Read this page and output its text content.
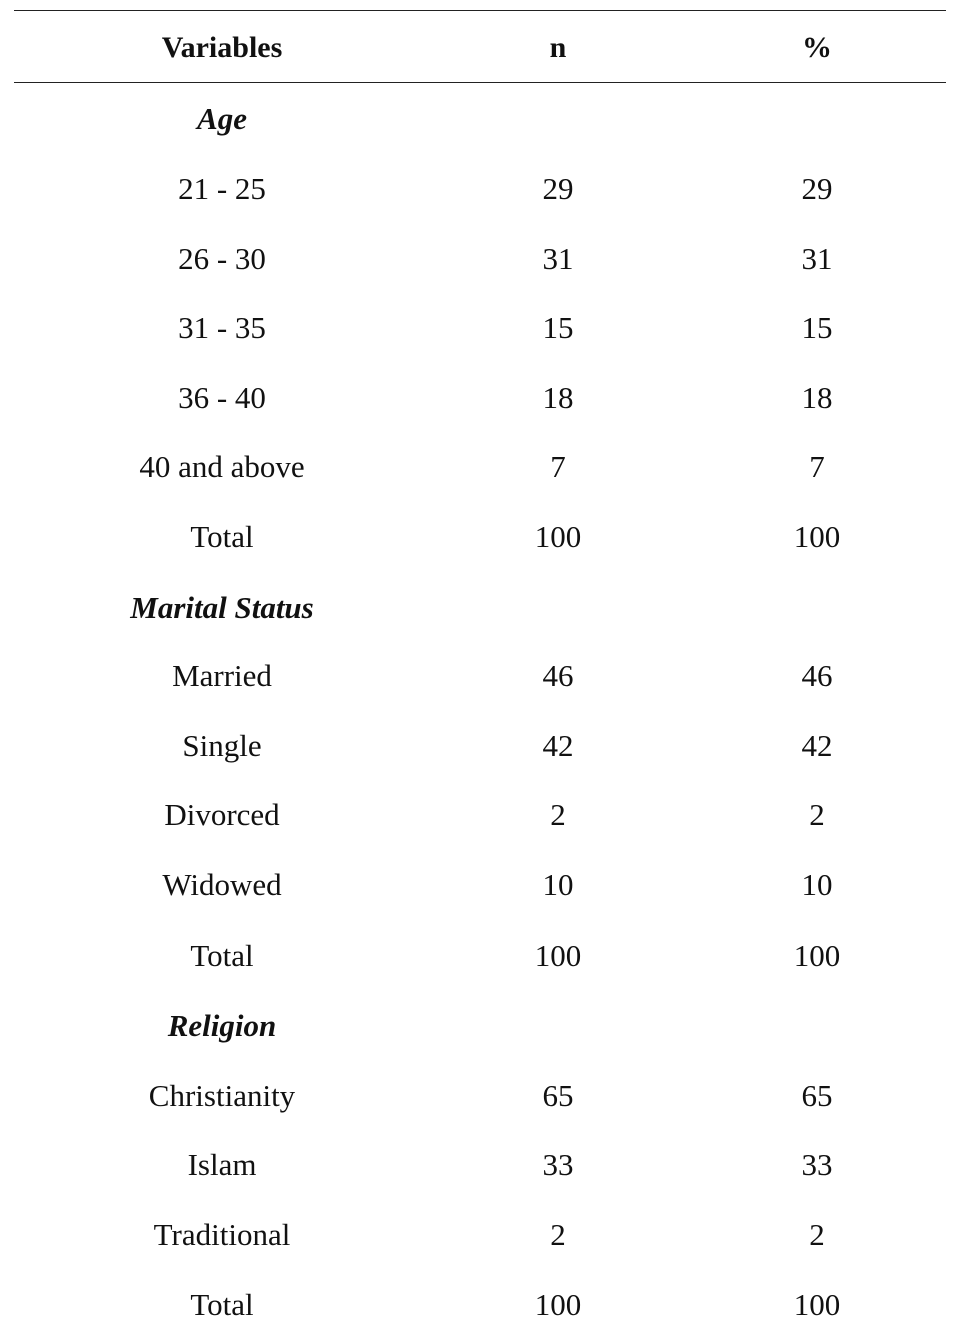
Variables	n	%
Age
21 - 25	29	29
26 - 30	31	31
31 - 35	15	15
36 - 40	18	18
40 and above	7	7
Total	100	100
Marital Status
Married	46	46
Single	42	42
Divorced	2	2
Widowed	10	10
Total	100	100
Religion
Christianity	65	65
Islam	33	33
Traditional	2	2
Total	100	100
